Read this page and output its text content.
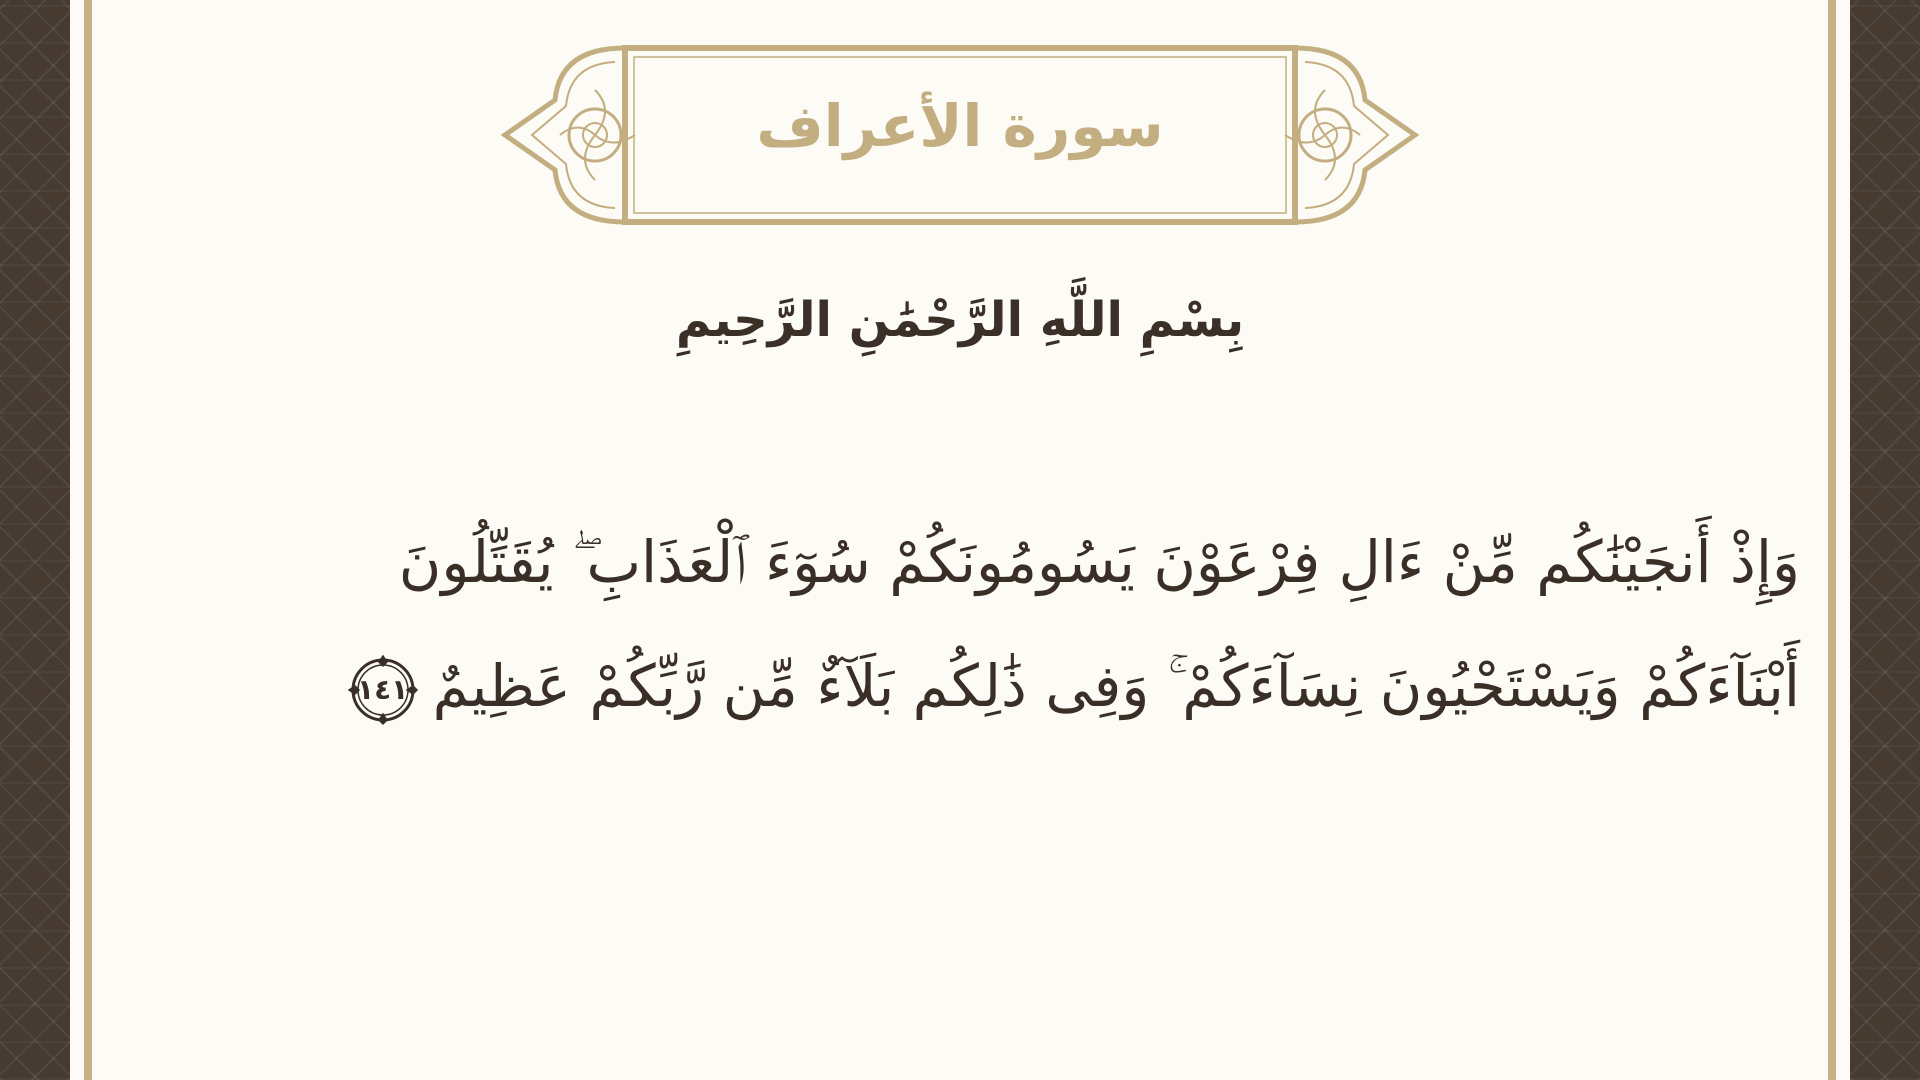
سورة الأعراف
بِسْمِ اللَّهِ الرَّحْمَٰنِ الرَّحِيمِ
وَإِذْ أَنجَيْنَٰكُم مِّنْ ءَالِ فِرْعَوْنَ يَسُومُونَكُمْ سُوٓءَ ٱلْعَذَابِ ۖ يُقَتِّلُونَ
أَبْنَآءَكُمْ وَيَسْتَحْيُونَ نِسَآءَكُمْ ۚ وَفِى ذَٰلِكُم بَلَآءٌ مِّن رَّبِّكُمْ عَظِيمٌ
١٤١
